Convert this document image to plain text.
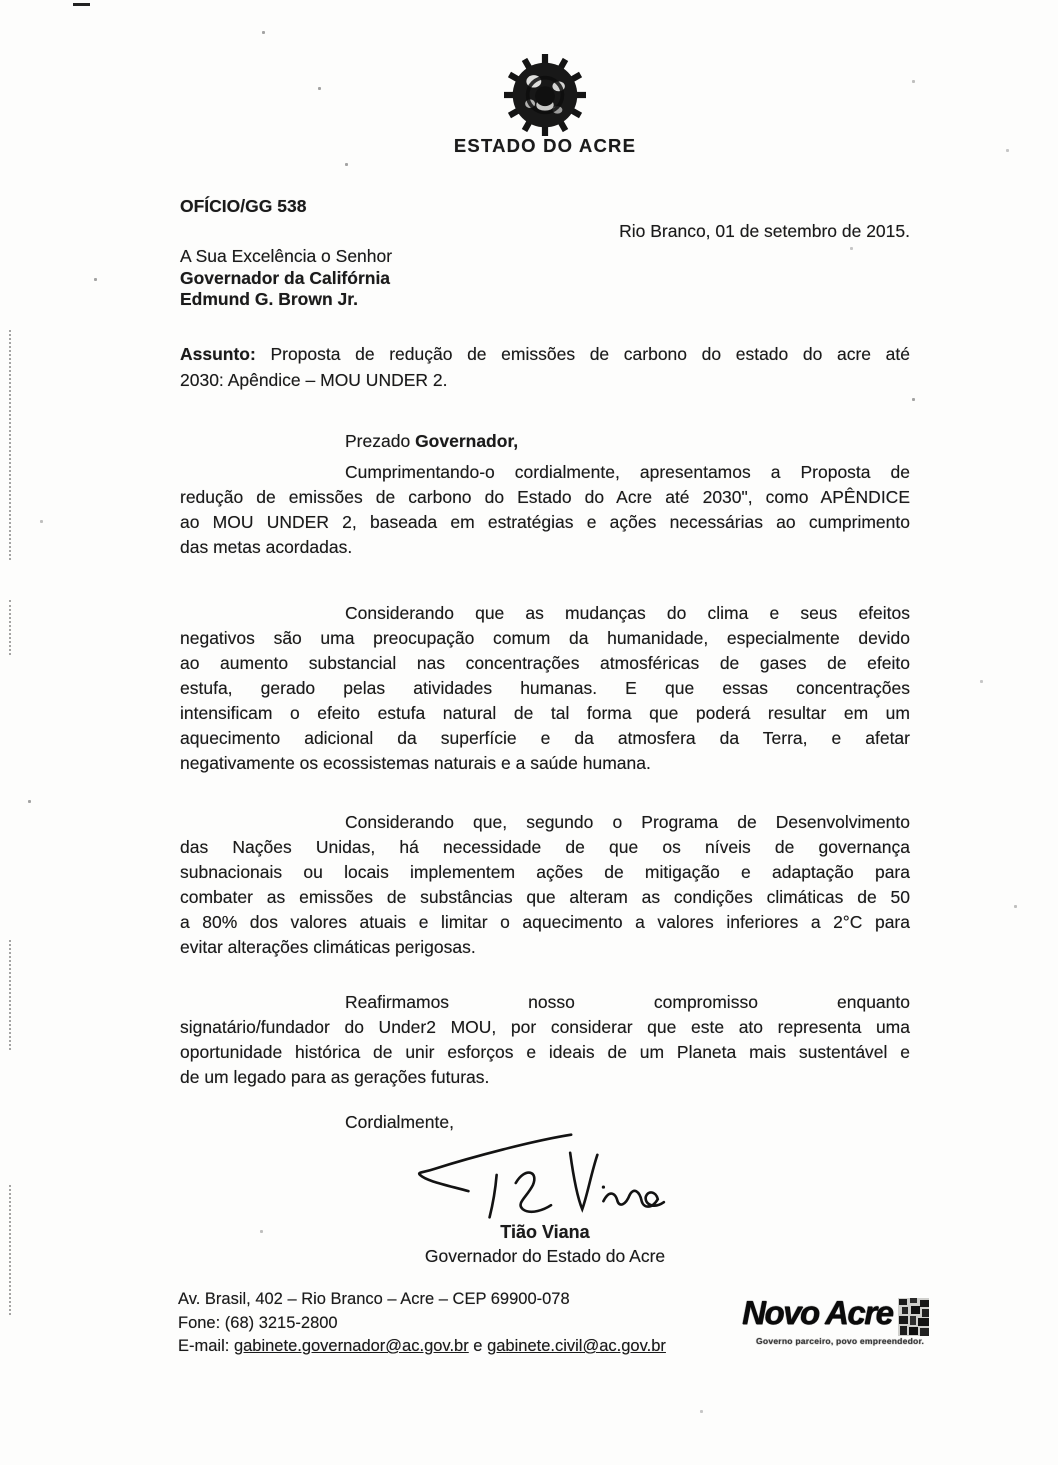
ESTADO DO ACRE
OFÍCIO/GG 538
Rio Branco, 01 de setembro de 2015.
A Sua Excelência o Senhor
Governador da Califórnia
Edmund G. Brown Jr.
Assunto: Proposta de redução de emissões de carbono do estado do acre até
2030: Apêndice – MOU UNDER 2.
Prezado Governador,
Cumprimentando-o cordialmente, apresentamos a Proposta de
redução de emissões de carbono do Estado do Acre até 2030", como APÊNDICE
ao MOU UNDER 2, baseada em estratégias e ações necessárias ao cumprimento
das metas acordadas.
Considerando que as mudanças do clima e seus efeitos
negativos são uma preocupação comum da humanidade, especialmente devido
ao aumento substancial nas concentrações atmosféricas de gases de efeito
estufa, gerado pelas atividades humanas. E que essas concentrações
intensificam o efeito estufa natural de tal forma que poderá resultar em um
aquecimento adicional da superfície e da atmosfera da Terra, e afetar
negativamente os ecossistemas naturais e a saúde humana.
Considerando que, segundo o Programa de Desenvolvimento
das Nações Unidas, há necessidade de que os níveis de governança
subnacionais ou locais implementem ações de mitigação e adaptação para
combater as emissões de substâncias que alteram as condições climáticas de 50
a 80% dos valores atuais e limitar o aquecimento a valores inferiores a 2°C para
evitar alterações climáticas perigosas.
Reafirmamos nosso compromisso enquanto
signatário/fundador do Under2 MOU, por considerar que este ato representa uma
oportunidade histórica de unir esforços e ideais de um Planeta mais sustentável e
de um legado para as gerações futuras.
Cordialmente,
Tião Viana
Governador do Estado do Acre
Av. Brasil, 402 – Rio Branco – Acre – CEP 69900-078
Fone: (68) 3215-2800
E-mail: gabinete.governador@ac.gov.br e gabinete.civil@ac.gov.br
Novo Acre
Governo parceiro, povo empreendedor.
